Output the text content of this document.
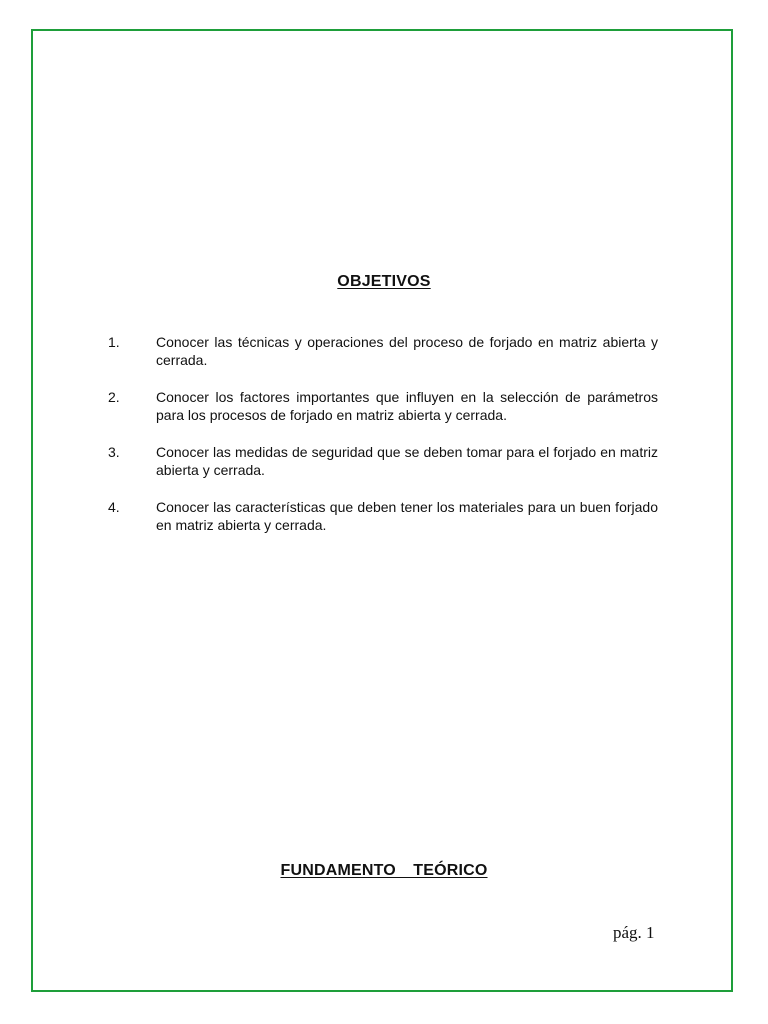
OBJETIVOS
1.	Conocer las técnicas y operaciones del proceso de forjado en matriz abierta y cerrada.
2.	Conocer los factores importantes que influyen en la selección de parámetros para los procesos de forjado en matriz abierta y cerrada.
3.	Conocer las medidas de seguridad que se deben tomar para el forjado en matriz abierta y cerrada.
4.	Conocer las características que deben tener los materiales para un buen forjado en matriz abierta y cerrada.
FUNDAMENTO  TEÓRICO
pág. 1
